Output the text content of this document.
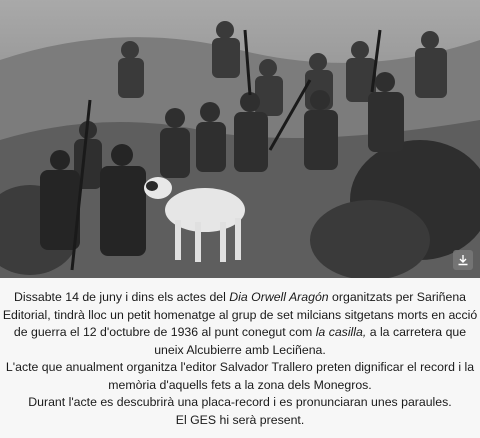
Dissabte 14 de juny i dins els actes del Dia Orwell Aragón organitzats per Sariñena Editorial, tindrà lloc un petit homenatge al grup de set milcians sitgetans morts en acció de guerra el 12 d'octubre de 1936 al punt conegut com la casilla, a la carretera que uneix Alcubierre amb Leciñena.

L'acte que anualment organitza l'editor Salvador Trallero preten dignificar el record i la memòria d'aquells fets a la zona dels Monegros.

Durant l'acte es descubrirà una placa-record i es pronunciaran unes paraules.

El GES hi serà present.
